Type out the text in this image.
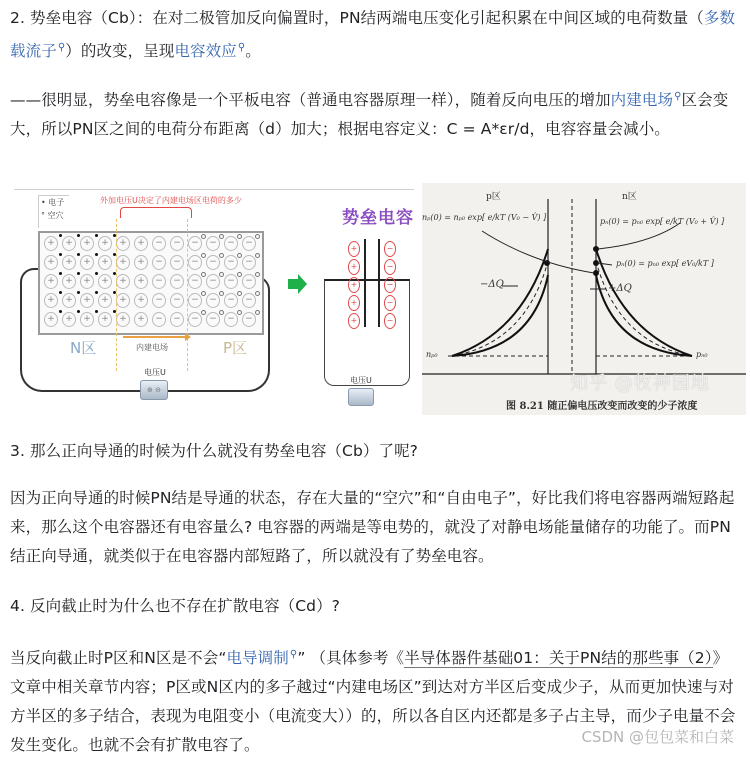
2. 势垒电容（Cb）：在对二极管加反向偏置时，PN结两端电压变化引起积累在中间区域的电荷数量（多数载流子⚲）的改变，呈现电容效应⚲。

——很明显，势垒电容像是一个平板电容（普通电容器原理一样），随着反向电压的增加内建电场⚲区会变大，所以PN区之间的电荷分布距离（d）加大；根据电容定义：C = A*εr/d，电容容量会减小。

• 电子
° 空穴
外加电压U决定了内建电场区电荷的多少
+	+	+	+	+	+	−	−	−	−	−	−
+	+	+	+	+	+	−	−	−	−	−	−
+	+	+	+	+	+	−	−	−	−	−	−
+	+	+	+	+	+	−	−	−	−	−	−
+	+	+	+	+	+	−	−	−	−	−	−
内建电场
N区	P区
电压U
⊕ ⊖
势垒电容
+
+
+
+
+
−
−
−
−
−
电压U
p区	n区
nₚ(0) = nₚ₀ exp[ e/kT (V₀ − V̂) ]	pₙ(0) = pₙ₀ exp[ e/kT (V₀ + V̂) ]
pₙ(0) = pₙ₀ exp[ eV₀/kT ]
−ΔQ	+ΔQ
nₚ₀	pₙ₀
知乎 @牧神园地
图 8.21 随正偏电压改变而改变的少子浓度

3. 那么正向导通的时候为什么就没有势垒电容（Cb）了呢?

因为正向导通的时候PN结是导通的状态，存在大量的“空穴”和“自由电子”，好比我们将电容器两端短路起来，那么这个电容器还有电容量么? 电容器的两端是等电势的，就没了对静电场能量储存的功能了。而PN结正向导通，就类似于在电容器内部短路了，所以就没有了势垒电容。

4. 反向截止时为什么也不存在扩散电容（Cd）?

当反向截止时P区和N区是不会“电导调制⚲” （具体参考《半导体器件基础01：关于PN结的那些事（2）》文章中相关章节内容；P区或N区内的多子越过“内建电场区”到达对方半区后变成少子，从而更加快速与对方半区的多子结合，表现为电阻变小（电流变大））的，所以各自区内还都是多子占主导，而少子电量不会发生变化。也就不会有扩散电容了。	CSDN @包包菜和白菜
